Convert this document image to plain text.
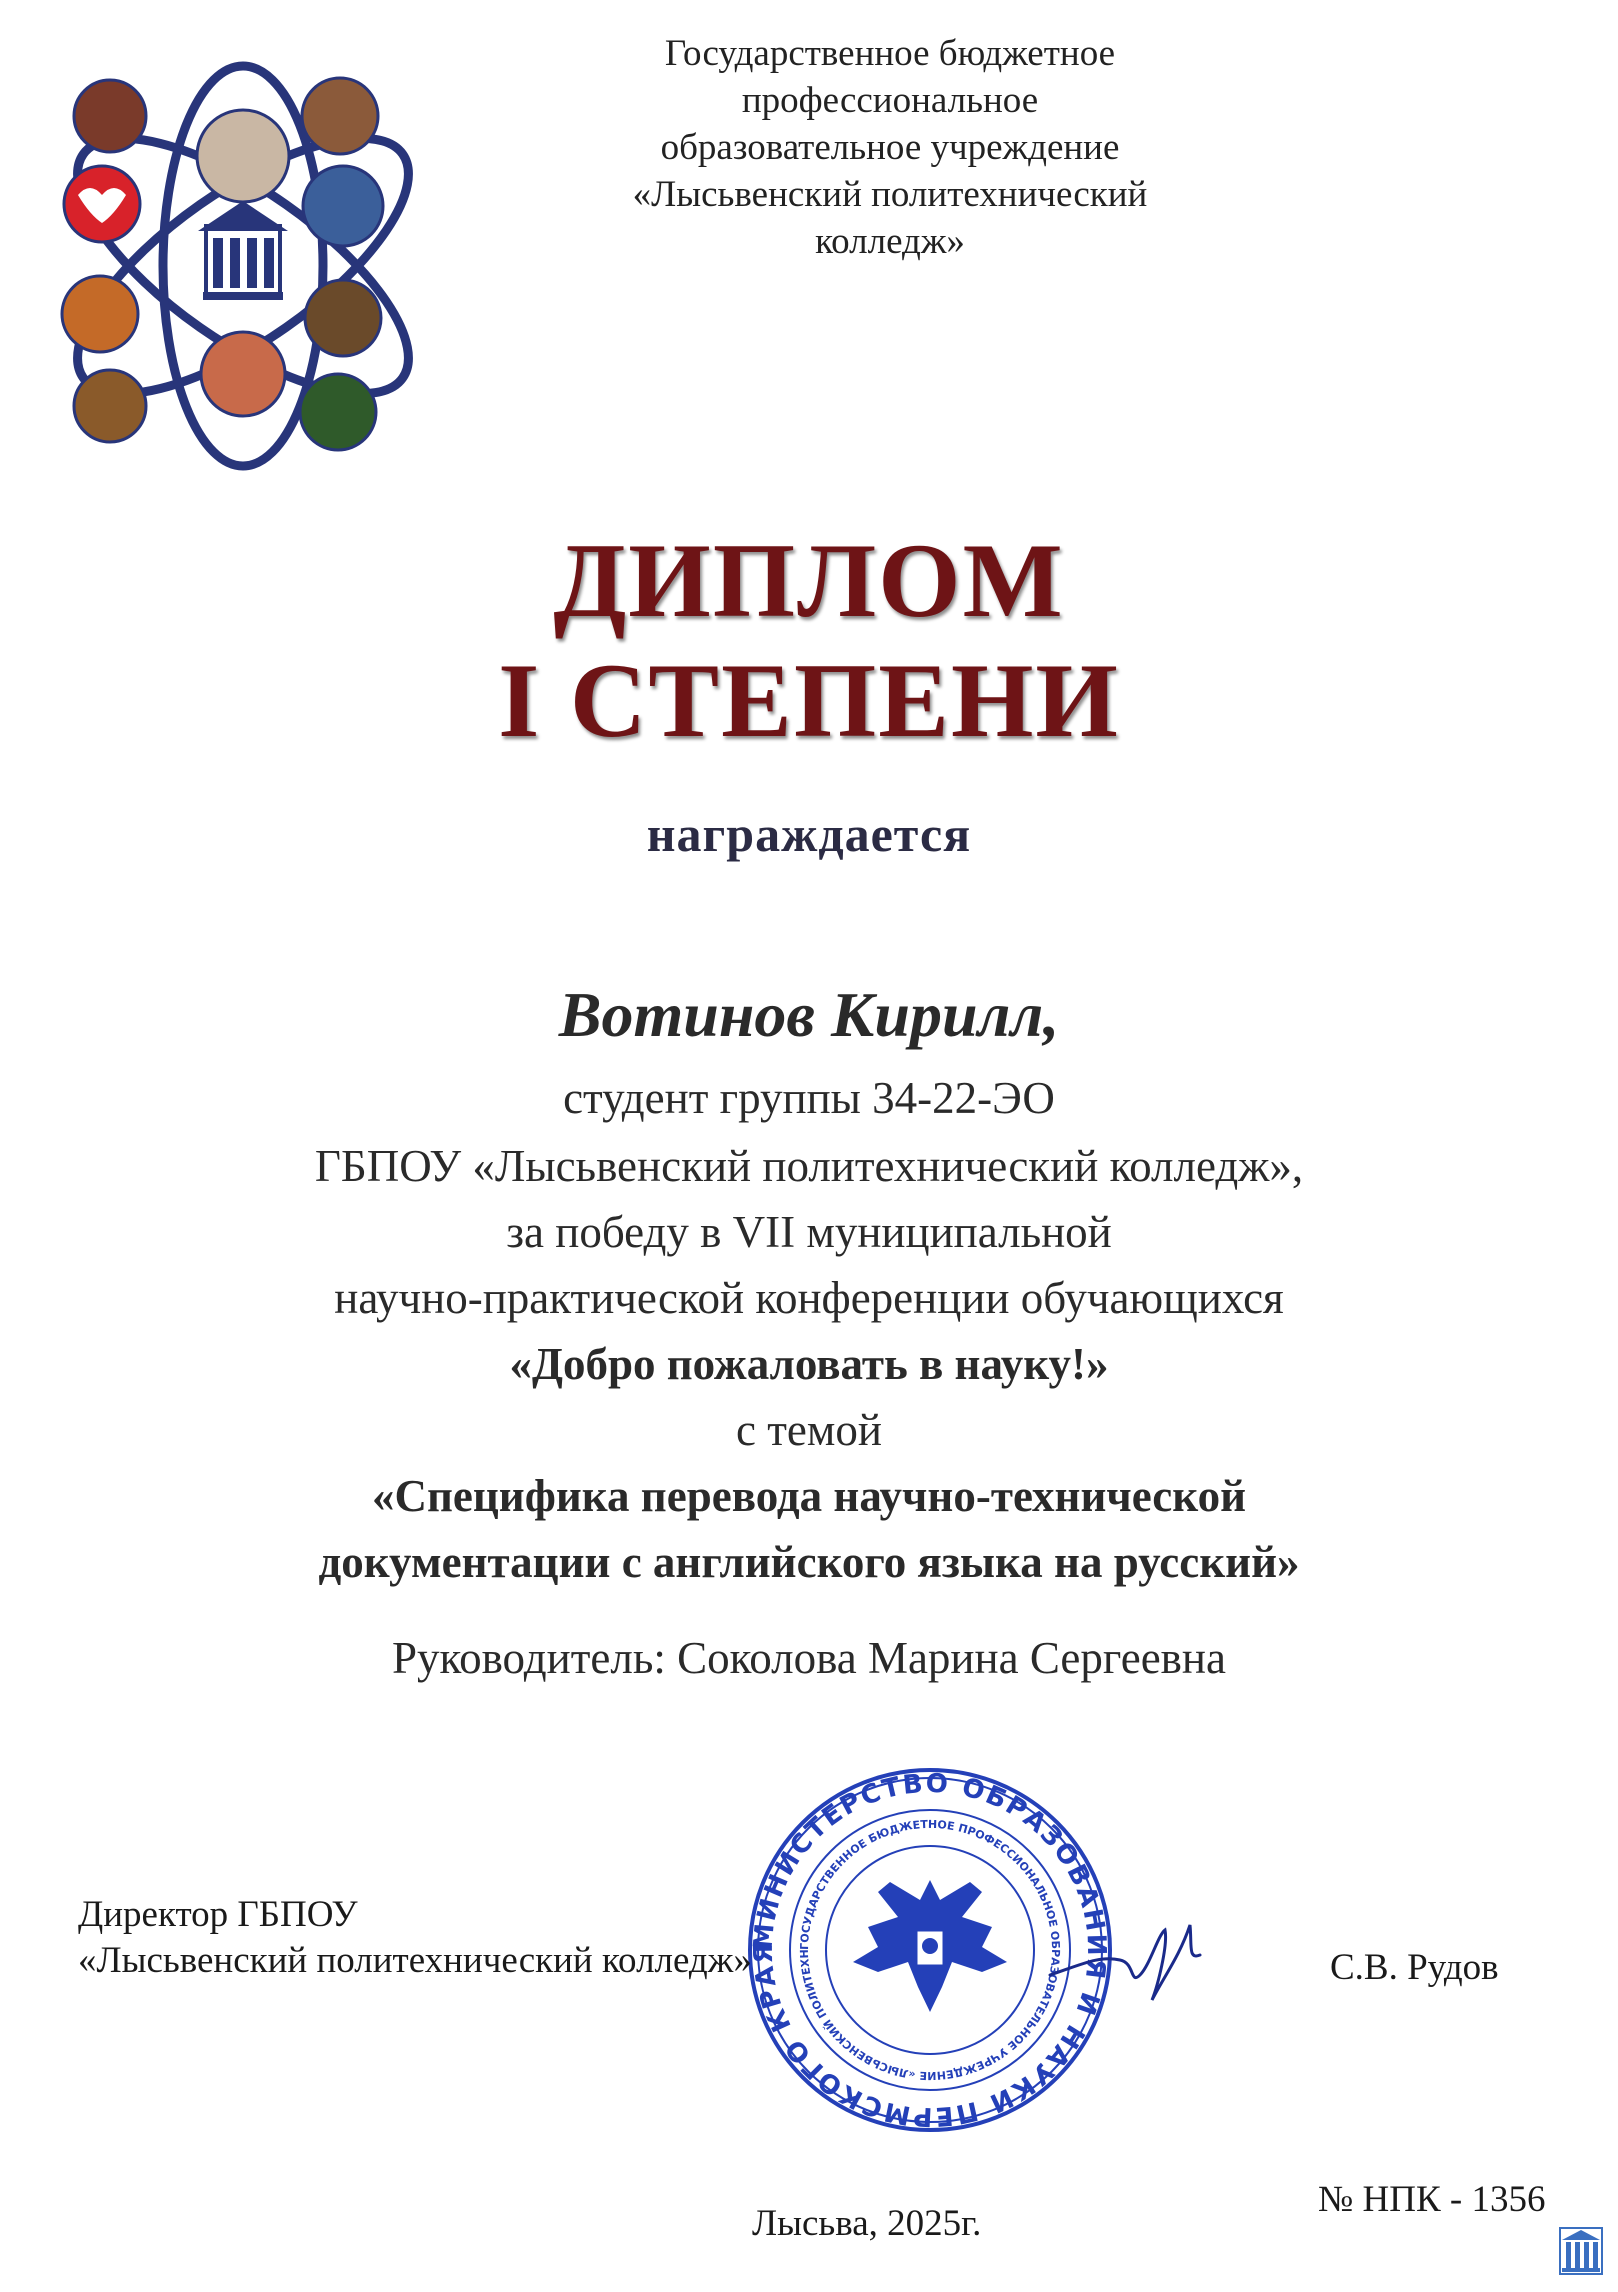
Государственное бюджетное профессиональное
образовательное учреждение
«Лысьвенский политехнический колледж»
ДИПЛОМ
I СТЕПЕНИ
награждается
Вотинов Кирилл,
студент группы 34-22-ЭО
ГБПОУ «Лысьвенский политехнический колледж»,
за победу в VII муниципальной
научно-практической конференции обучающихся
«Добро пожаловать в науку!»
с темой
«Специфика перевода научно-технической
документации с английского языка на русский»
Руководитель: Соколова Марина Сергеевна
МИНИСТЕРСТВО ОБРАЗОВАНИЯ И НАУКИ ПЕРМСКОГО КРАЯ	ГОСУДАРСТВЕННОЕ БЮДЖЕТНОЕ ПРОФЕССИОНАЛЬНОЕ ОБРАЗОВАТЕЛЬНОЕ УЧРЕЖДЕНИЕ «ЛЫСЬВЕНСКИЙ ПОЛИТЕХН
Директор ГБПОУ
«Лысьвенский политехнический колледж»	С.В. Рудов
Лысьва, 2025г.
№ НПК - 1356
